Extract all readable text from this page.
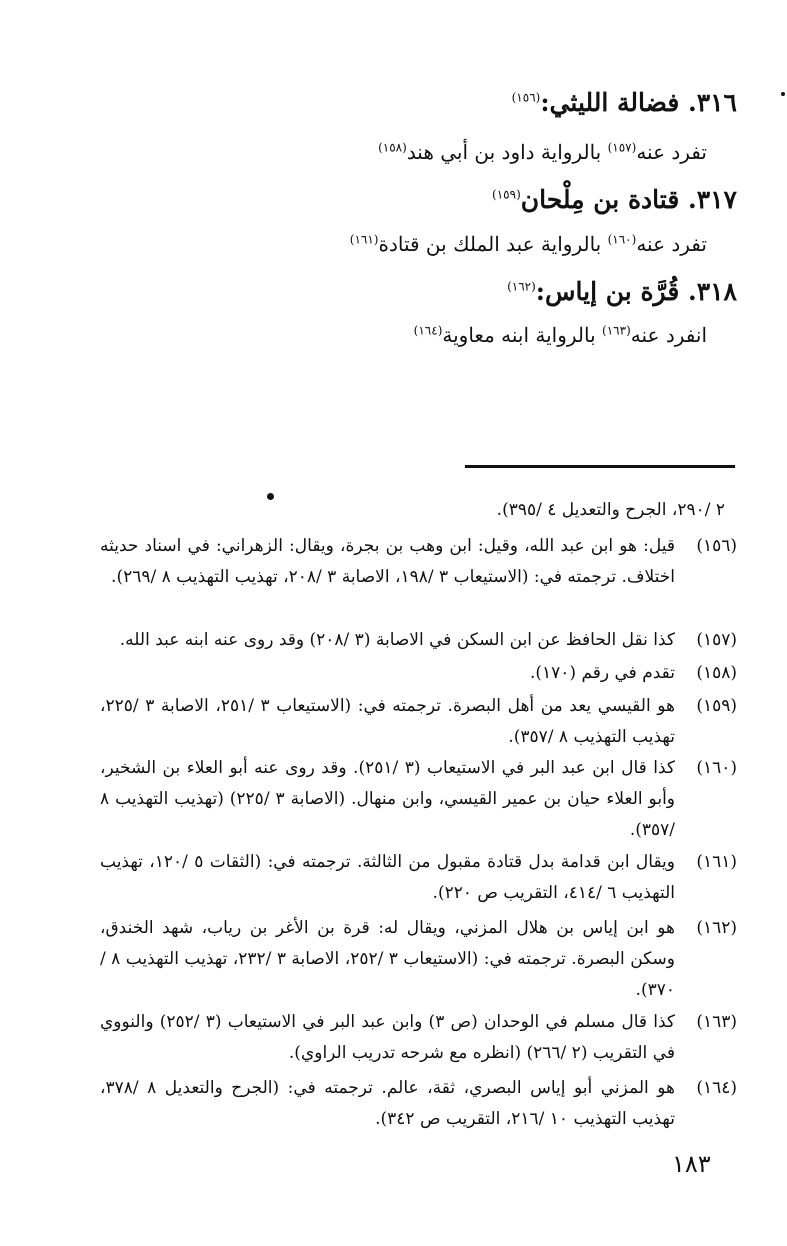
٣١٦. فضالة الليثي:$^{(١٥٦)}$
تفرد عنه$^{(١٥٧)}$ بالرواية داود بن أبي هند$^{(١٥٨)}$
٣١٧. قتادة بن مِلْحان$^{(١٥٩)}$
تفرد عنه$^{(١٦٠)}$ بالرواية عبد الملك بن قتادة$^{(١٦١)}$
٣١٨. قُرَّة بن إياس:$^{(١٦٢)}$
انفرد عنه$^{(١٦٣)}$ بالرواية ابنه معاوية$^{(١٦٤)}$
٢ /٢٩٠، الجرح والتعديل ٤ /٣٩٥).
(١٥٦)
قيل: هو ابن عبد الله، وقيل: ابن وهب بن بجرة، ويقال: الزهراني: في اسناد حديثه اختلاف. ترجمته في: (الاستيعاب ٣ /١٩٨، الاصابة ٣ /٢٠٨، تهذيب التهذيب ٨ /٢٦٩).
(١٥٧)
كذا نقل الحافظ عن ابن السكن في الاصابة (٣ /٢٠٨) وقد روى عنه ابنه عبد الله.
(١٥٨)
تقدم في رقم (١٧٠).
(١٥٩)
هو القيسي يعد من أهل البصرة. ترجمته في: (الاستيعاب ٣ /٢٥١، الاصابة ٣ /٢٢٥، تهذيب التهذيب ٨ /٣٥٧).
(١٦٠)
كذا قال ابن عبد البر في الاستيعاب (٣ /٢٥١). وقد روى عنه أبو العلاء بن الشخير، وأبو العلاء حيان بن عمير القيسي، وابن منهال. (الاصابة ٣ /٢٢٥) (تهذيب التهذيب ٨ /٣٥٧).
(١٦١)
ويقال ابن قدامة بدل قتادة مقبول من الثالثة. ترجمته في: (الثقات ٥ /١٢٠، تهذيب التهذيب ٦ /٤١٤، التقريب ص ٢٢٠).
(١٦٢)
هو ابن إياس بن هلال المزني، ويقال له: قرة بن الأغر بن رياب، شهد الخندق، وسكن البصرة. ترجمته في: (الاستيعاب ٣ /٢٥٢، الاصابة ٣ /٢٣٢، تهذيب التهذيب ٨ /٣٧٠).
(١٦٣)
كذا قال مسلم في الوحدان (ص ٣) وابن عبد البر في الاستيعاب (٣ /٢٥٢) والنووي في التقريب (٢ /٢٦٦) (انظره مع شرحه تدريب الراوي).
(١٦٤)
هو المزني أبو إياس البصري، ثقة، عالم. ترجمته في: (الجرح والتعديل ٨ /٣٧٨، تهذيب التهذيب ١٠ /٢١٦، التقريب ص ٣٤٢).
١٨٣
